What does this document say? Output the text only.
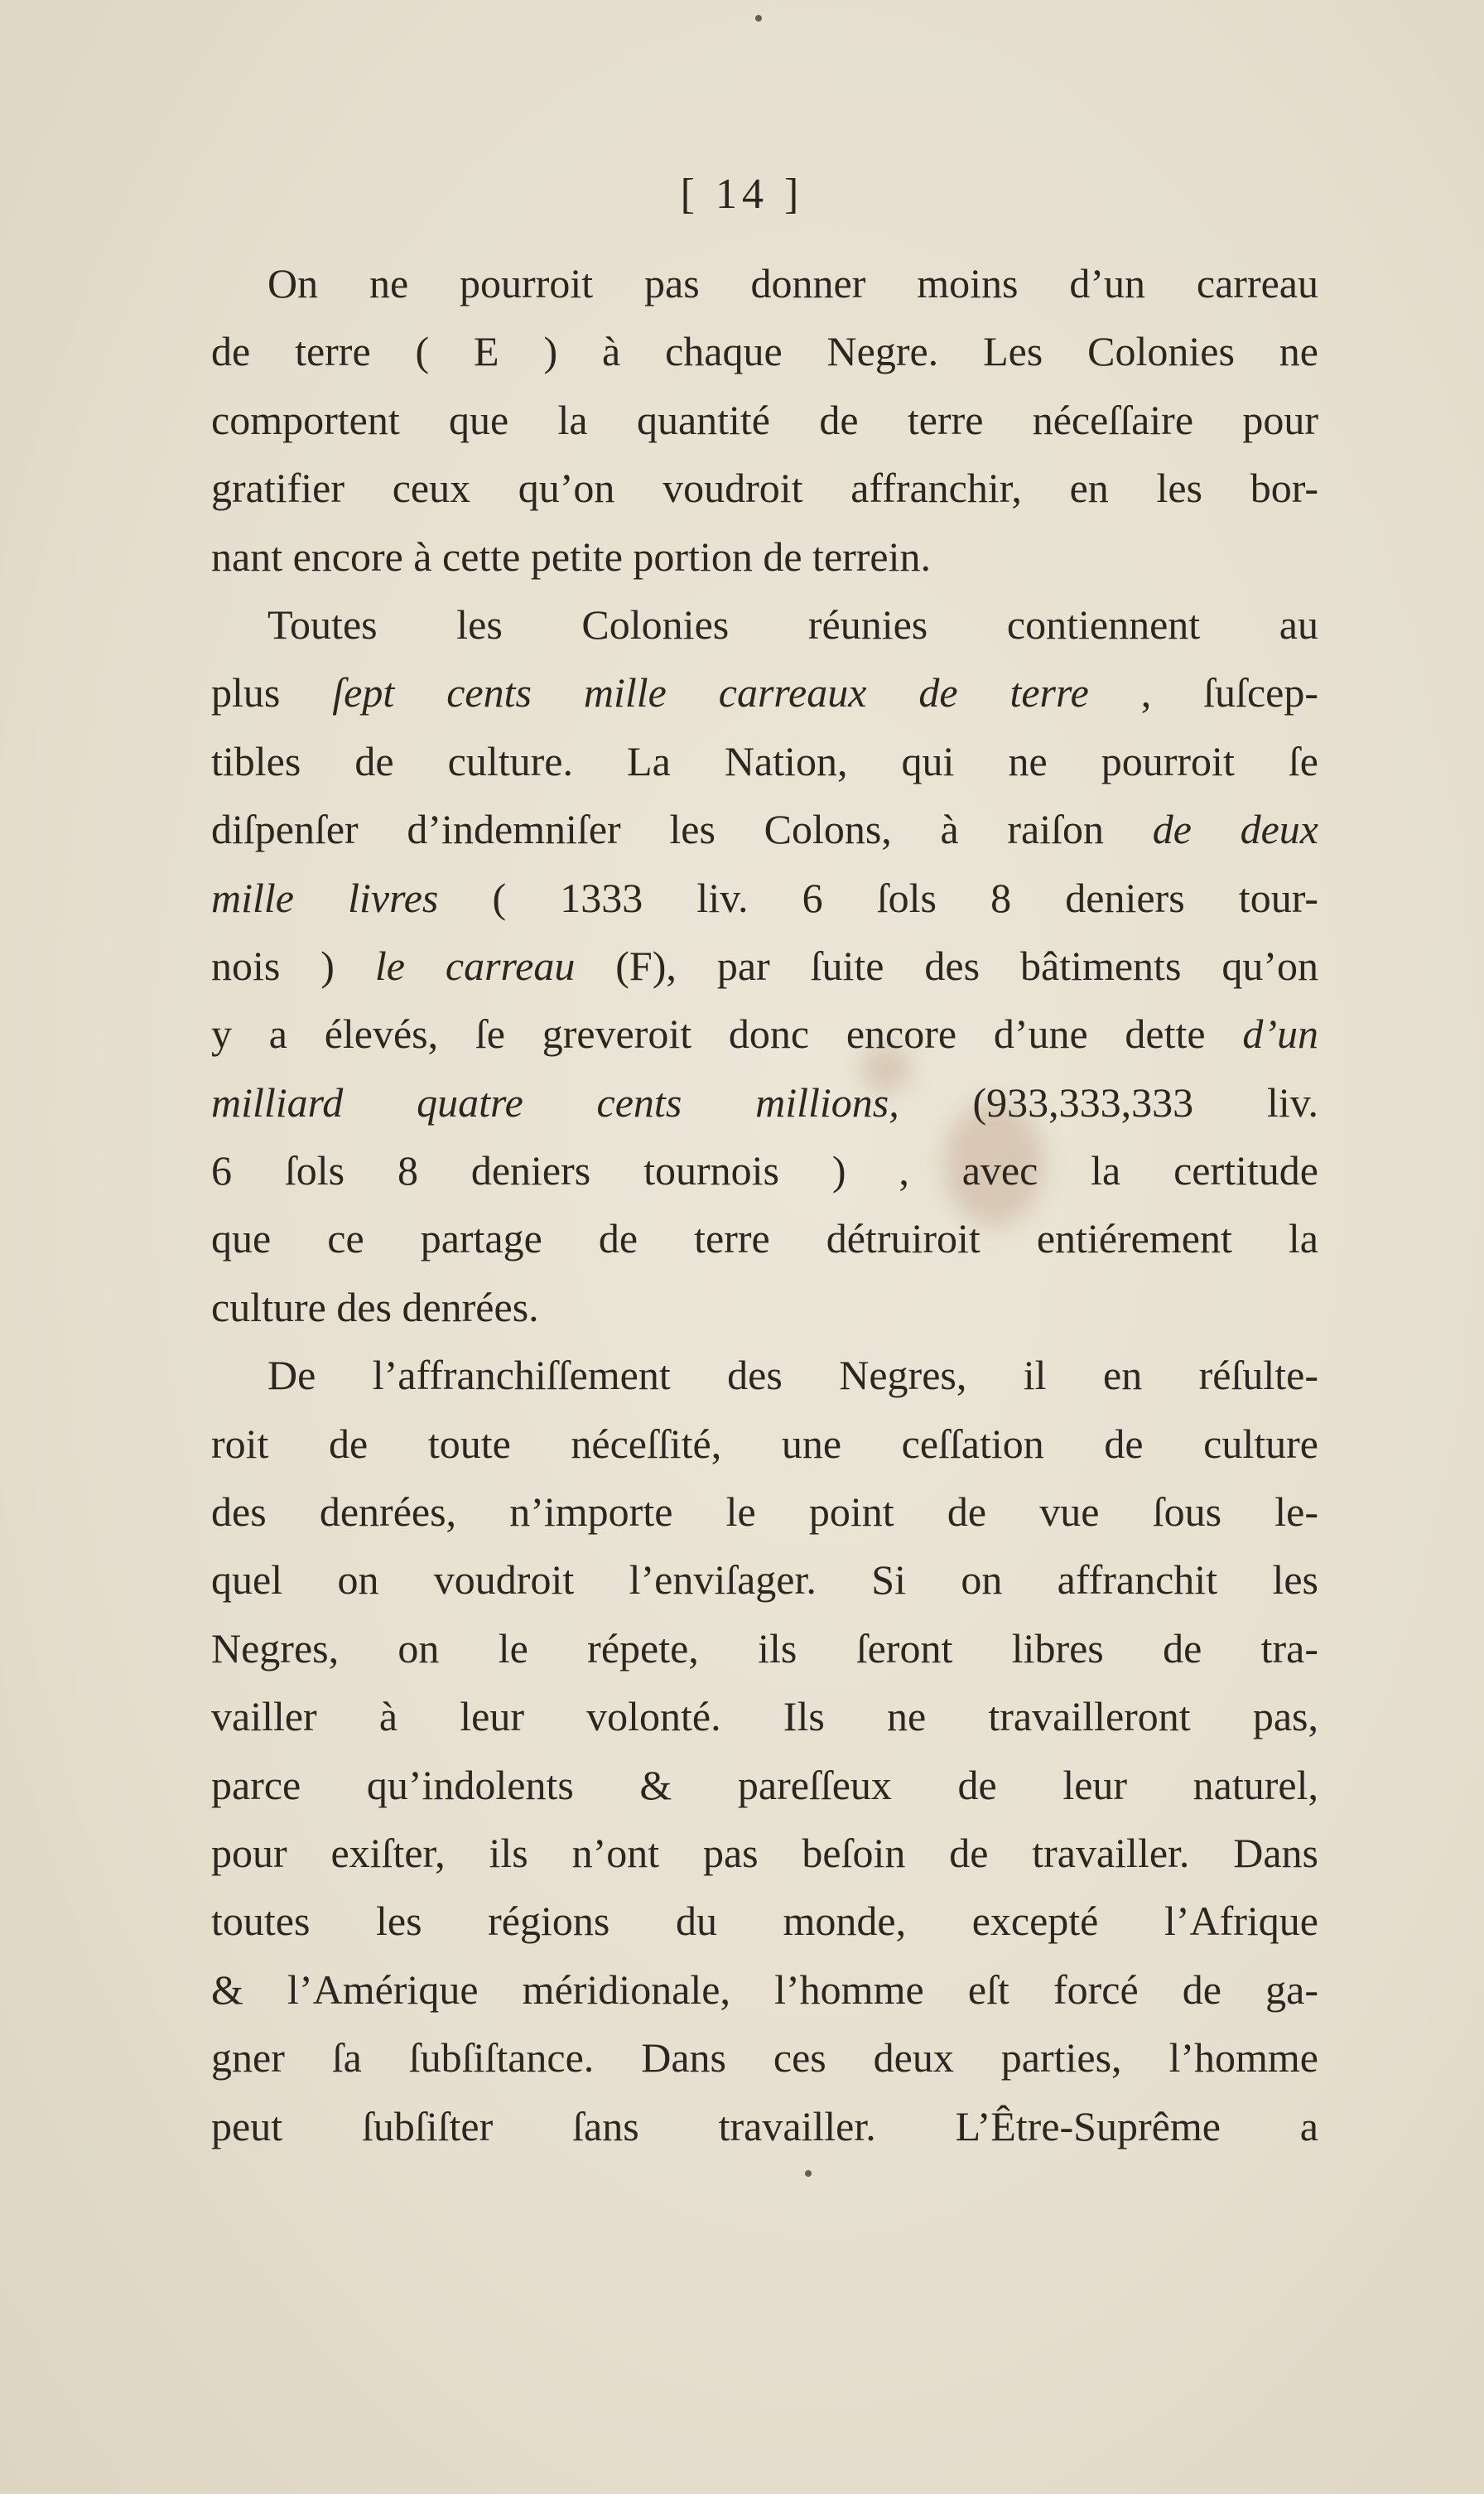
[ 14 ]
On ne pourroit pas donner moins d’un carreau
de terre ( E ) à chaque Negre. Les Colonies ne
comportent que la quantité de terre néceſſaire pour
gratifier ceux qu’on voudroit affranchir, en les bor-
nant encore à cette petite portion de terrein.
Toutes les Colonies réunies contiennent au
plus ſept cents mille carreaux de terre , ſuſcep-
tibles de culture. La Nation, qui ne pourroit ſe
diſpenſer d’indemniſer les Colons, à raiſon de deux
mille livres ( 1333 liv. 6 ſols 8 deniers tour-
nois ) le carreau (F), par ſuite des bâtiments qu’on
y a élevés, ſe greveroit donc encore d’une dette d’un
milliard quatre cents millions, (933,333,333 liv.
6 ſols 8 deniers tournois ) , avec la certitude
que ce partage de terre détruiroit entiérement la
culture des denrées.
De l’affranchiſſement des Negres, il en réſulte-
roit de toute néceſſité, une ceſſation de culture
des denrées, n’importe le point de vue ſous le-
quel on voudroit l’enviſager. Si on affranchit les
Negres, on le répete, ils ſeront libres de tra-
vailler à leur volonté. Ils ne travailleront pas,
parce qu’indolents & pareſſeux de leur naturel,
pour exiſter, ils n’ont pas beſoin de travailler. Dans
toutes les régions du monde, excepté l’Afrique
& l’Amérique méridionale, l’homme eſt forcé de ga-
gner ſa ſubſiſtance. Dans ces deux parties, l’homme
peut ſubſiſter ſans travailler. L’Être-Suprême a
